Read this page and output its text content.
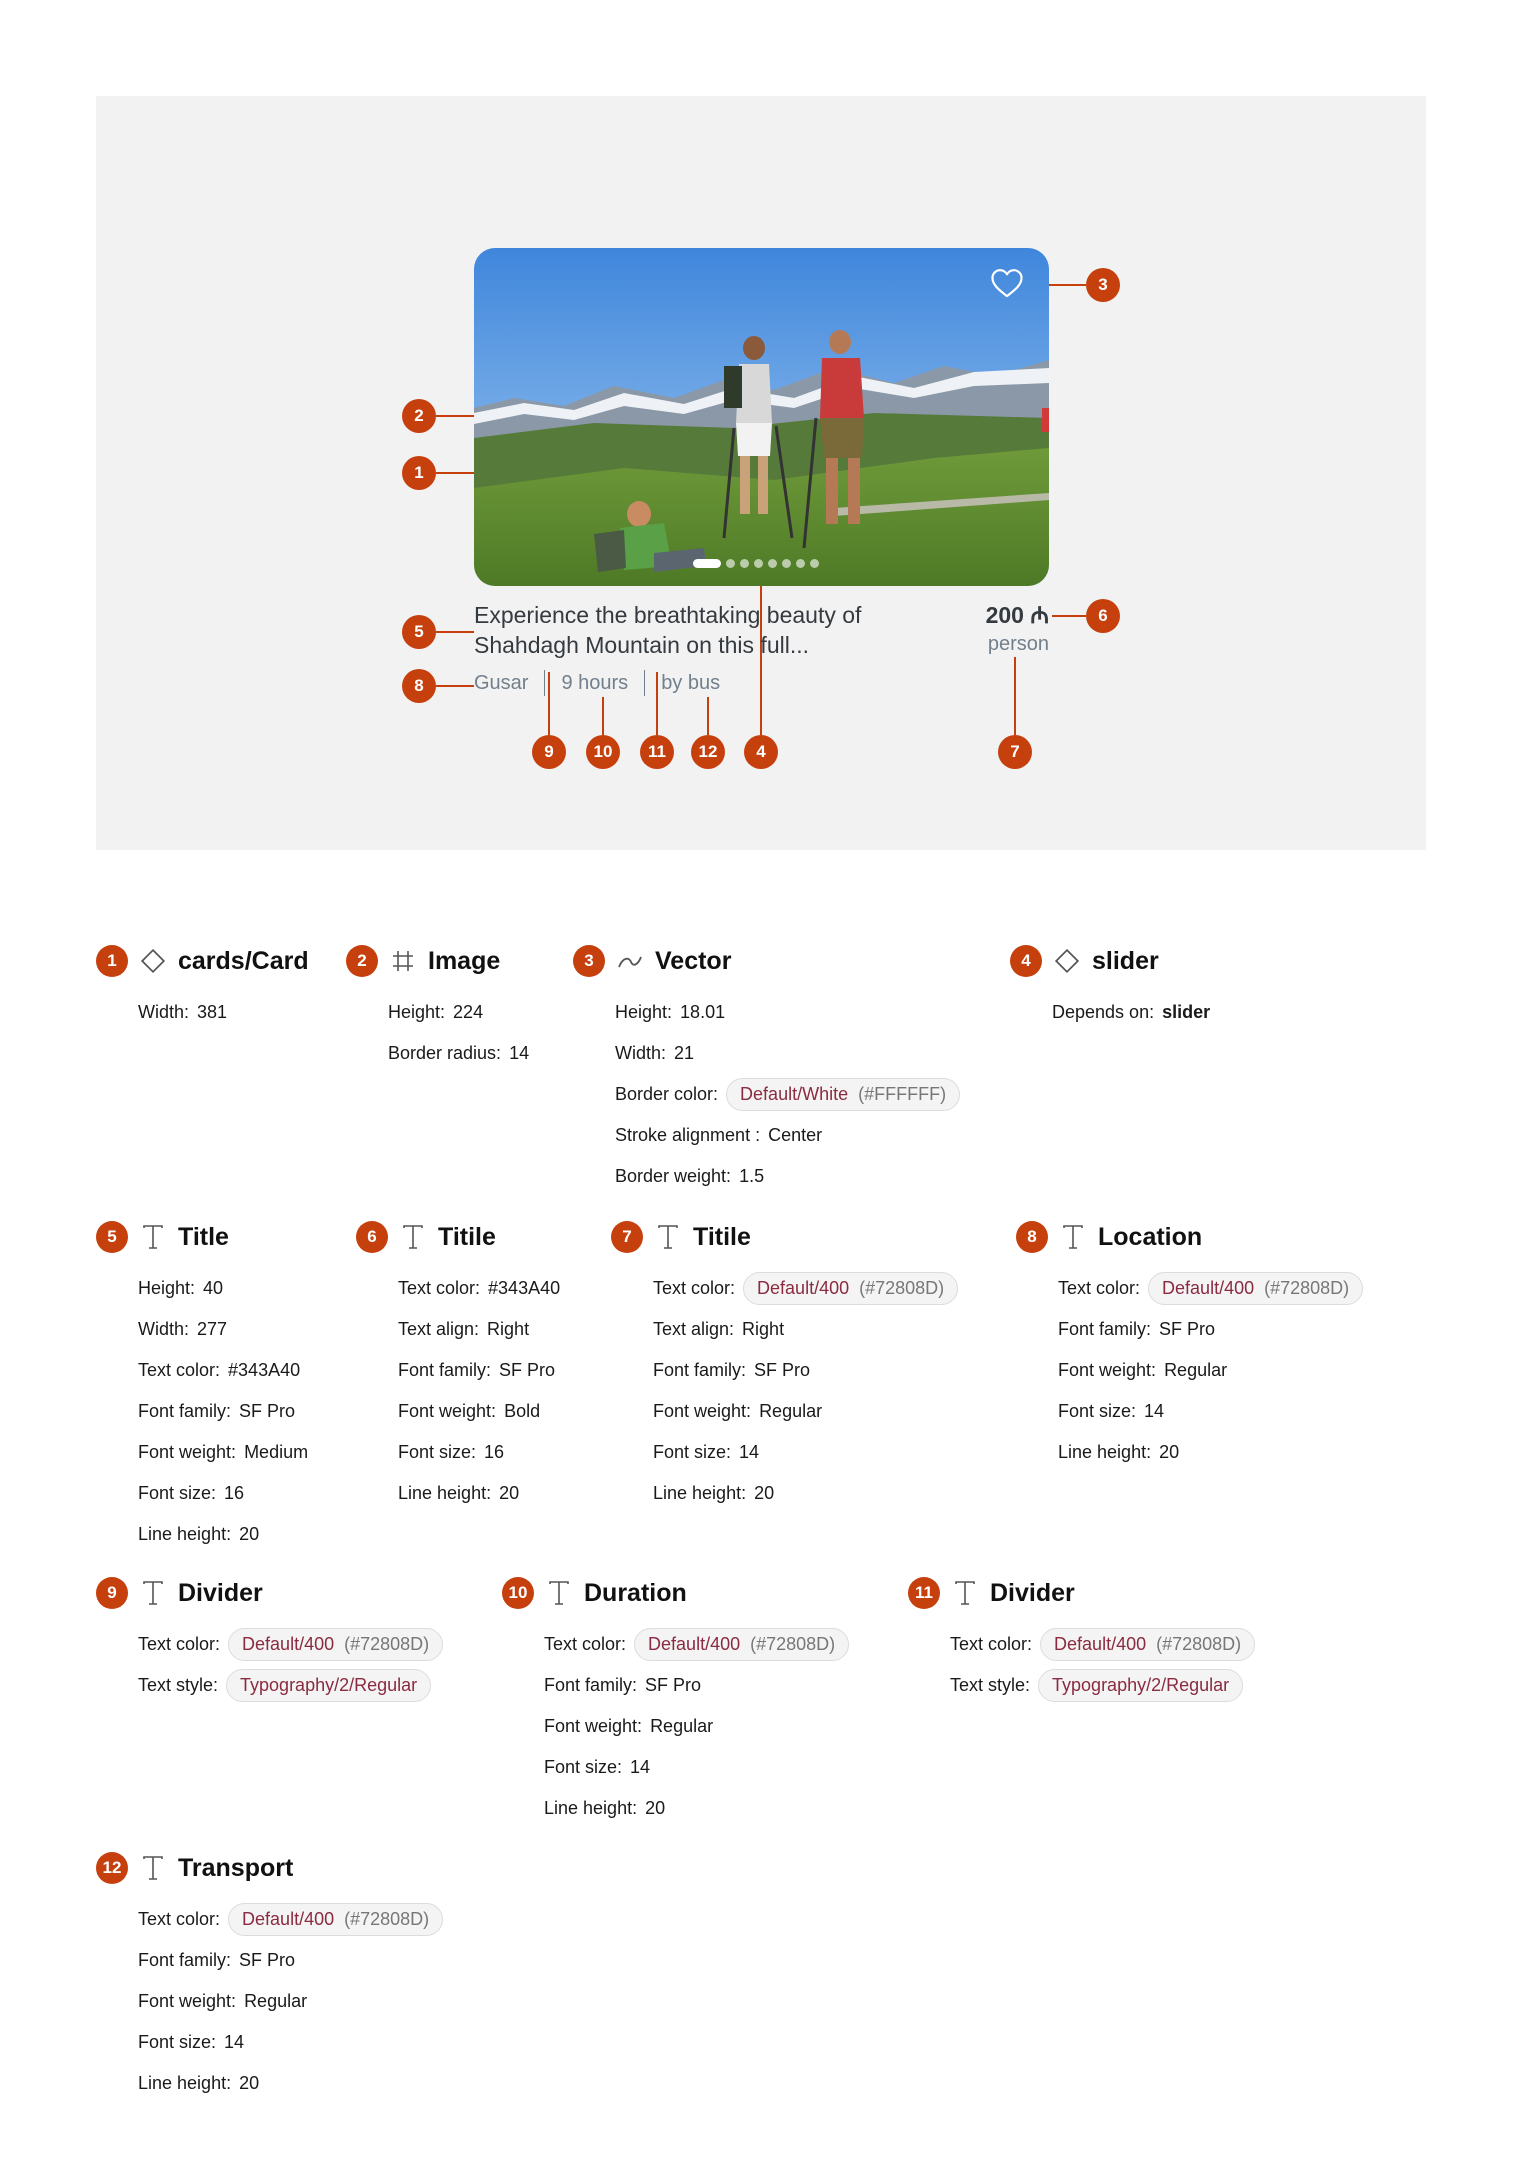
Experience the breathtaking beauty of Shahdagh Mountain on this full...
200 ₼
person
Gusar 9 hours by bus
2
1
3
5
6
8
9	10	11	12	4	7
1	cards/Card
Width: 381
2	Image
Height: 224
Border radius: 14
3	Vector
Height: 18.01
Width: 21
Border color: Default/White (#FFFFFF)
Stroke alignment : Center
Border weight: 1.5
4	slider
Depends on: slider
5	Title
Height: 40
Width: 277
Text color: #343A40
Font family: SF Pro
Font weight: Medium
Font size: 16
Line height: 20
6	Titile
Text color: #343A40
Text align: Right
Font family: SF Pro
Font weight: Bold
Font size: 16
Line height: 20
7	Titile
Text color: Default/400 (#72808D)
Text align: Right
Font family: SF Pro
Font weight: Regular
Font size: 14
Line height: 20
8	Location
Text color: Default/400 (#72808D)
Font family: SF Pro
Font weight: Regular
Font size: 14
Line height: 20
9	Divider
Text color: Default/400 (#72808D)
Text style: Typography/2/Regular
10 Duration
Text color: Default/400 (#72808D)
Font family: SF Pro
Font weight: Regular
Font size: 14
Line height: 20
11 Divider
Text color: Default/400 (#72808D)
Text style: Typography/2/Regular
12 Transport
Text color: Default/400 (#72808D)
Font family: SF Pro
Font weight: Regular
Font size: 14
Line height: 20
